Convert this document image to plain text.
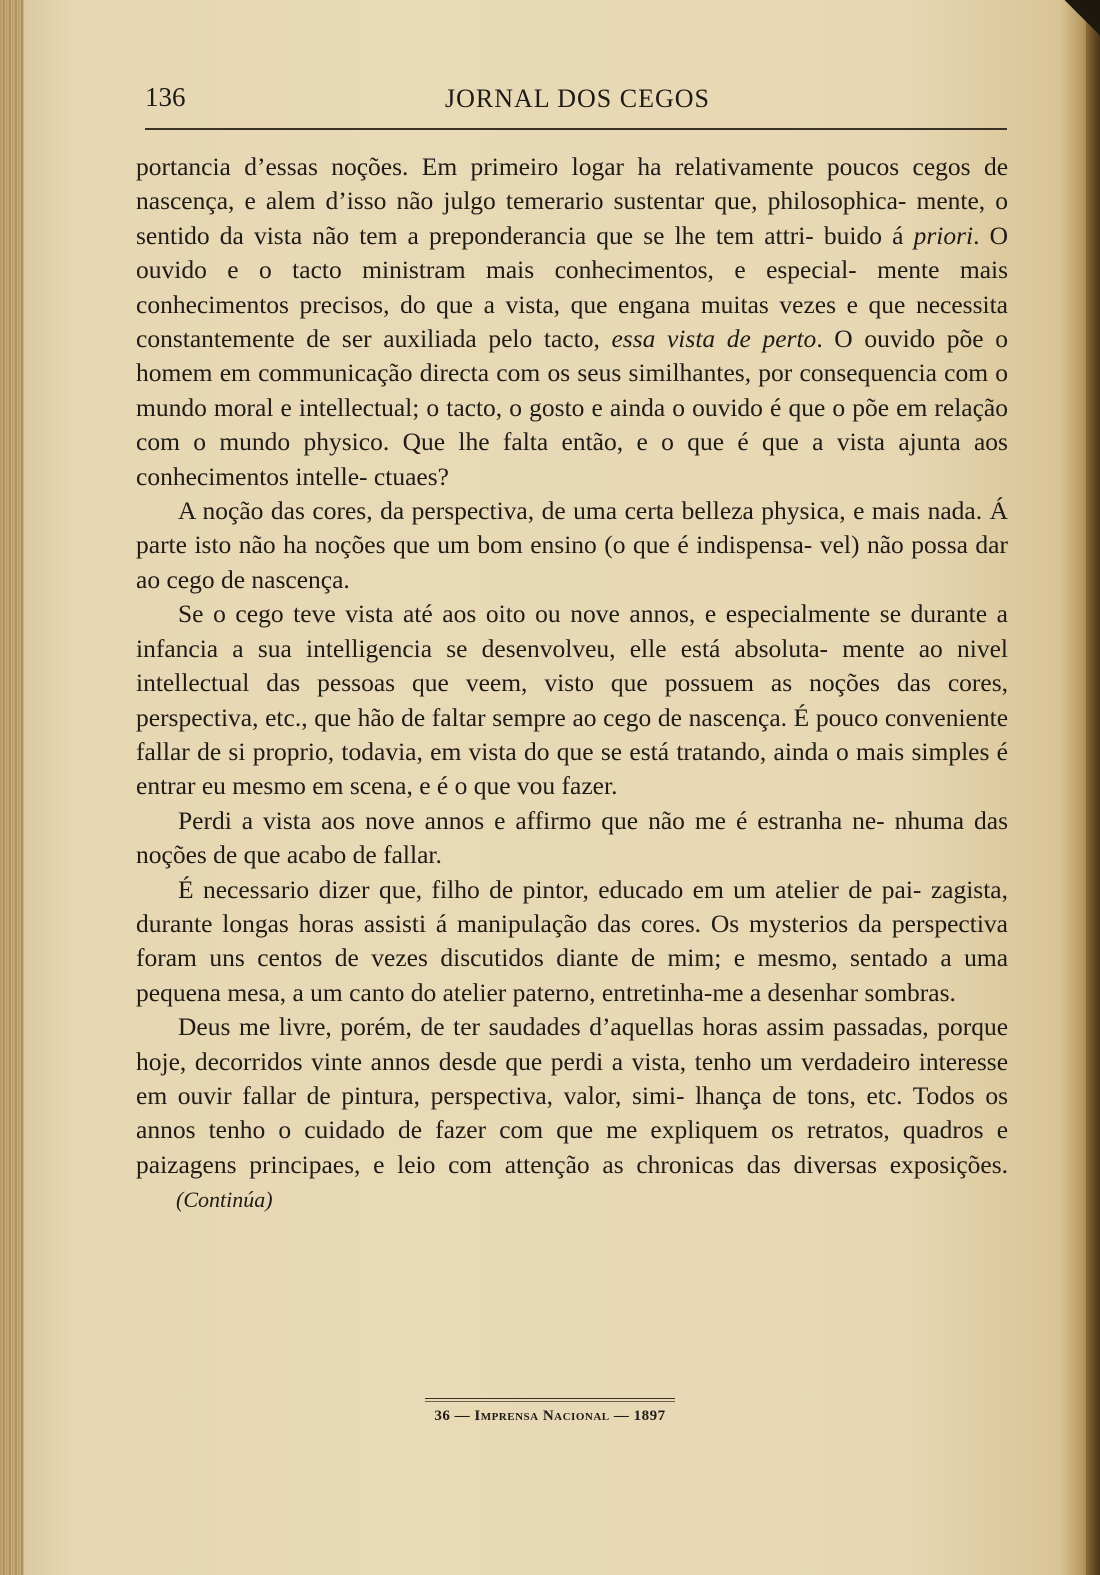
136	JORNAL DOS CEGOS

portancia d’essas noções. Em primeiro logar ha relativamente poucos cegos de nascença, e alem d’isso não julgo temerario sustentar que, philosophica- mente, o sentido da vista não tem a preponderancia que se lhe tem attri- buido á priori. O ouvido e o tacto ministram mais conhecimentos, e especial- mente mais conhecimentos precisos, do que a vista, que engana muitas vezes e que necessita constantemente de ser auxiliada pelo tacto, essa vista de perto. O ouvido põe o homem em communicação directa com os seus similhantes, por consequencia com o mundo moral e intellectual; o tacto, o gosto e ainda o ouvido é que o põe em relação com o mundo physico. Que lhe falta então, e o que é que a vista ajunta aos conhecimentos intelle- ctuaes?

A noção das cores, da perspectiva, de uma certa belleza physica, e mais nada. Á parte isto não ha noções que um bom ensino (o que é indispensa- vel) não possa dar ao cego de nascença.

Se o cego teve vista até aos oito ou nove annos, e especialmente se durante a infancia a sua intelligencia se desenvolveu, elle está absoluta- mente ao nivel intellectual das pessoas que veem, visto que possuem as noções das cores, perspectiva, etc., que hão de faltar sempre ao cego de nascença. É pouco conveniente fallar de si proprio, todavia, em vista do que se está tratando, ainda o mais simples é entrar eu mesmo em scena, e é o que vou fazer.

Perdi a vista aos nove annos e affirmo que não me é estranha ne- nhuma das noções de que acabo de fallar.

É necessario dizer que, filho de pintor, educado em um atelier de pai- zagista, durante longas horas assisti á manipulação das cores. Os mysterios da perspectiva foram uns centos de vezes discutidos diante de mim; e mesmo, sentado a uma pequena mesa, a um canto do atelier paterno, entretinha-me a desenhar sombras.

Deus me livre, porém, de ter saudades d’aquellas horas assim passadas, porque hoje, decorridos vinte annos desde que perdi a vista, tenho um verdadeiro interesse em ouvir fallar de pintura, perspectiva, valor, simi- lhança de tons, etc. Todos os annos tenho o cuidado de fazer com que me expliquem os retratos, quadros e paizagens principaes, e leio com attenção as chronicas das diversas exposições. (Continúa)

36 — Imprensa Nacional — 1897
